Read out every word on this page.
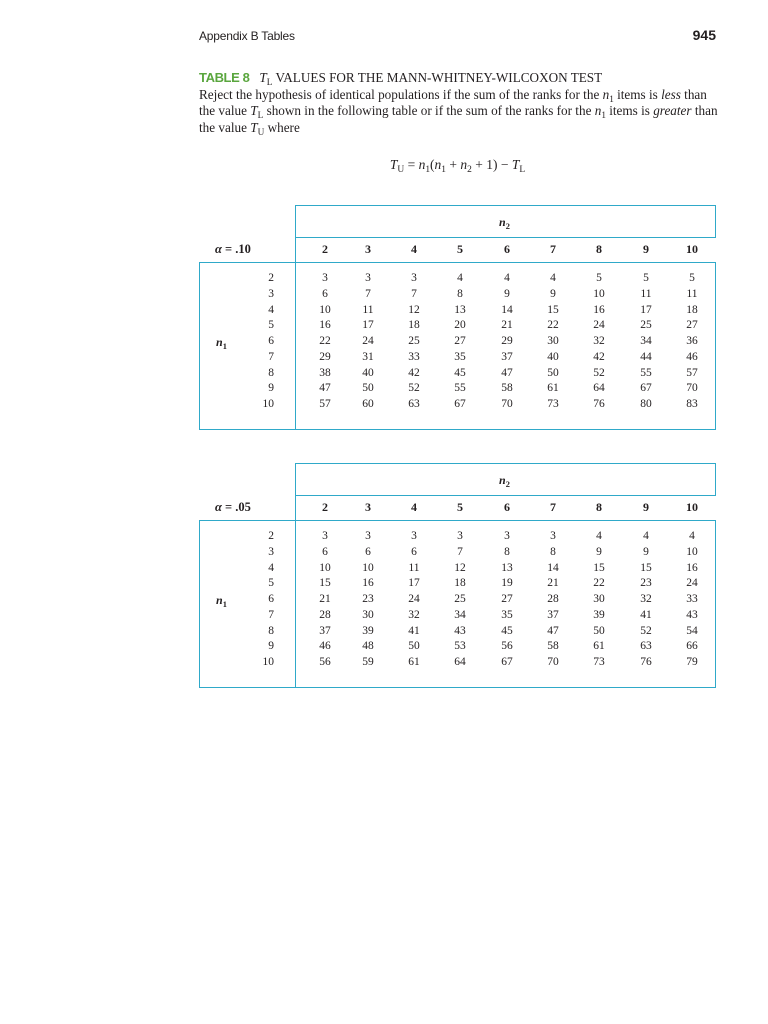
Appendix B Tables	945
TABLE 8 $T_L$ VALUES FOR THE MANN-WHITNEY-WILCOXON TEST
Reject the hypothesis of identical populations if the sum of the ranks for the $n_1$ items is less than the value $T_L$ shown in the following table or if the sum of the ranks for the $n_1$ items is greater than the value $T_U$ where
$T_U = n_1(n_1 + n_2 + 1) - T_L$
$n_2$
α = .10	2	3	4	5	6	7	8	9	10
$n_1$
2	3	3	3	4	4	4	5	5	5
3	6	7	7	8	9	9	10	11	11
4	10	11	12	13	14	15	16	17	18
5	16	17	18	20	21	22	24	25	27
6	22	24	25	27	29	30	32	34	36
7	29	31	33	35	37	40	42	44	46
8	38	40	42	45	47	50	52	55	57
9	47	50	52	55	58	61	64	67	70
10	57	60	63	67	70	73	76	80	83
$n_2$
α = .05	2	3	4	5	6	7	8	9	10
$n_1$
2	3	3	3	3	3	3	4	4	4
3	6	6	6	7	8	8	9	9	10
4	10	10	11	12	13	14	15	15	16
5	15	16	17	18	19	21	22	23	24
6	21	23	24	25	27	28	30	32	33
7	28	30	32	34	35	37	39	41	43
8	37	39	41	43	45	47	50	52	54
9	46	48	50	53	56	58	61	63	66
10	56	59	61	64	67	70	73	76	79
